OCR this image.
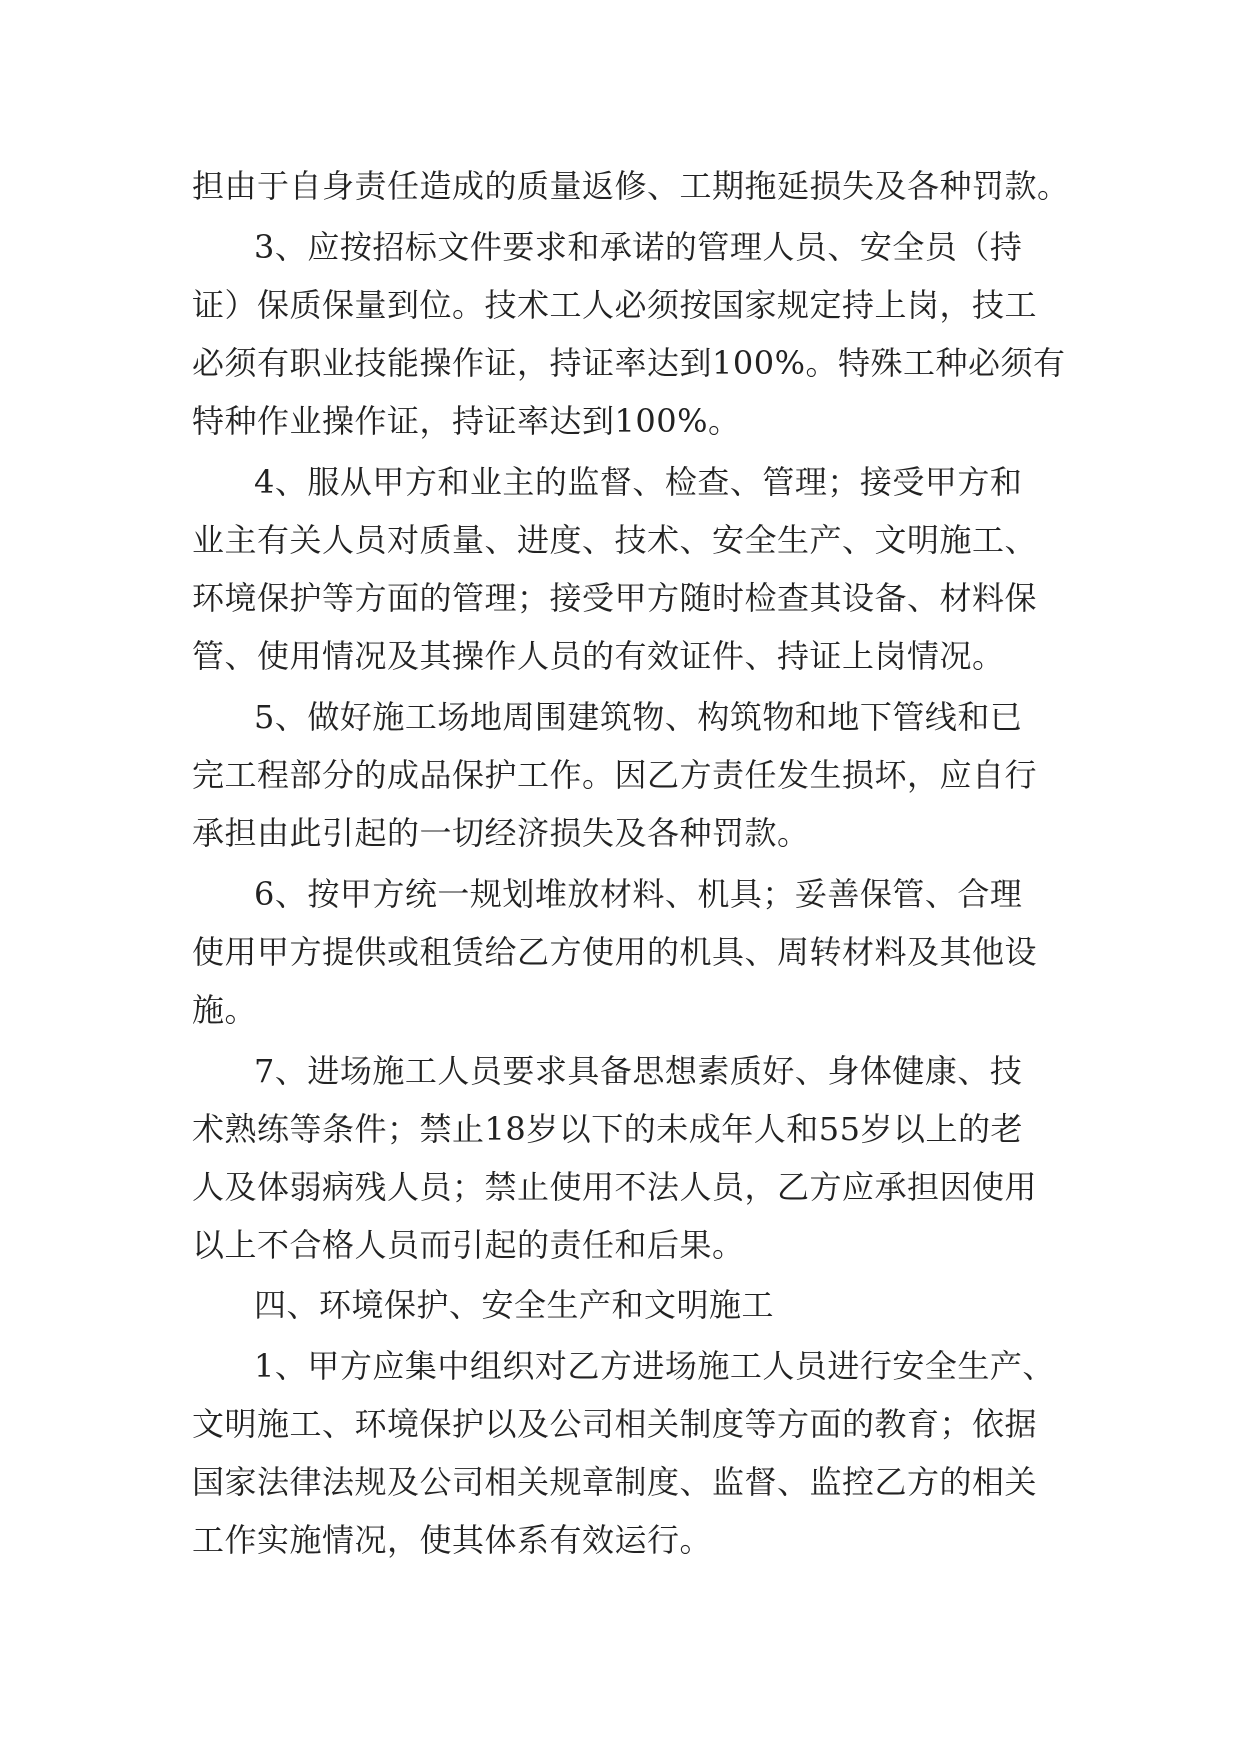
担由于自身责任造成的质量返修、工期拖延损失及各种罚款。
3、应按招标文件要求和承诺的管理人员、安全员（持
证）保质保量到位。技术工人必须按国家规定持上岗，技工
必须有职业技能操作证，持证率达到100%。特殊工种必须有
特种作业操作证，持证率达到100%。
4、服从甲方和业主的监督、检查、管理；接受甲方和
业主有关人员对质量、进度、技术、安全生产、文明施工、
环境保护等方面的管理；接受甲方随时检查其设备、材料保
管、使用情况及其操作人员的有效证件、持证上岗情况。
5、做好施工场地周围建筑物、构筑物和地下管线和已
完工程部分的成品保护工作。因乙方责任发生损坏，应自行
承担由此引起的一切经济损失及各种罚款。
6、按甲方统一规划堆放材料、机具；妥善保管、合理
使用甲方提供或租赁给乙方使用的机具、周转材料及其他设
施。
7、进场施工人员要求具备思想素质好、身体健康、技
术熟练等条件；禁止18岁以下的未成年人和55岁以上的老
人及体弱病残人员；禁止使用不法人员，乙方应承担因使用
以上不合格人员而引起的责任和后果。
四、环境保护、安全生产和文明施工
1、甲方应集中组织对乙方进场施工人员进行安全生产、
文明施工、环境保护以及公司相关制度等方面的教育；依据
国家法律法规及公司相关规章制度、监督、监控乙方的相关
工作实施情况，使其体系有效运行。
